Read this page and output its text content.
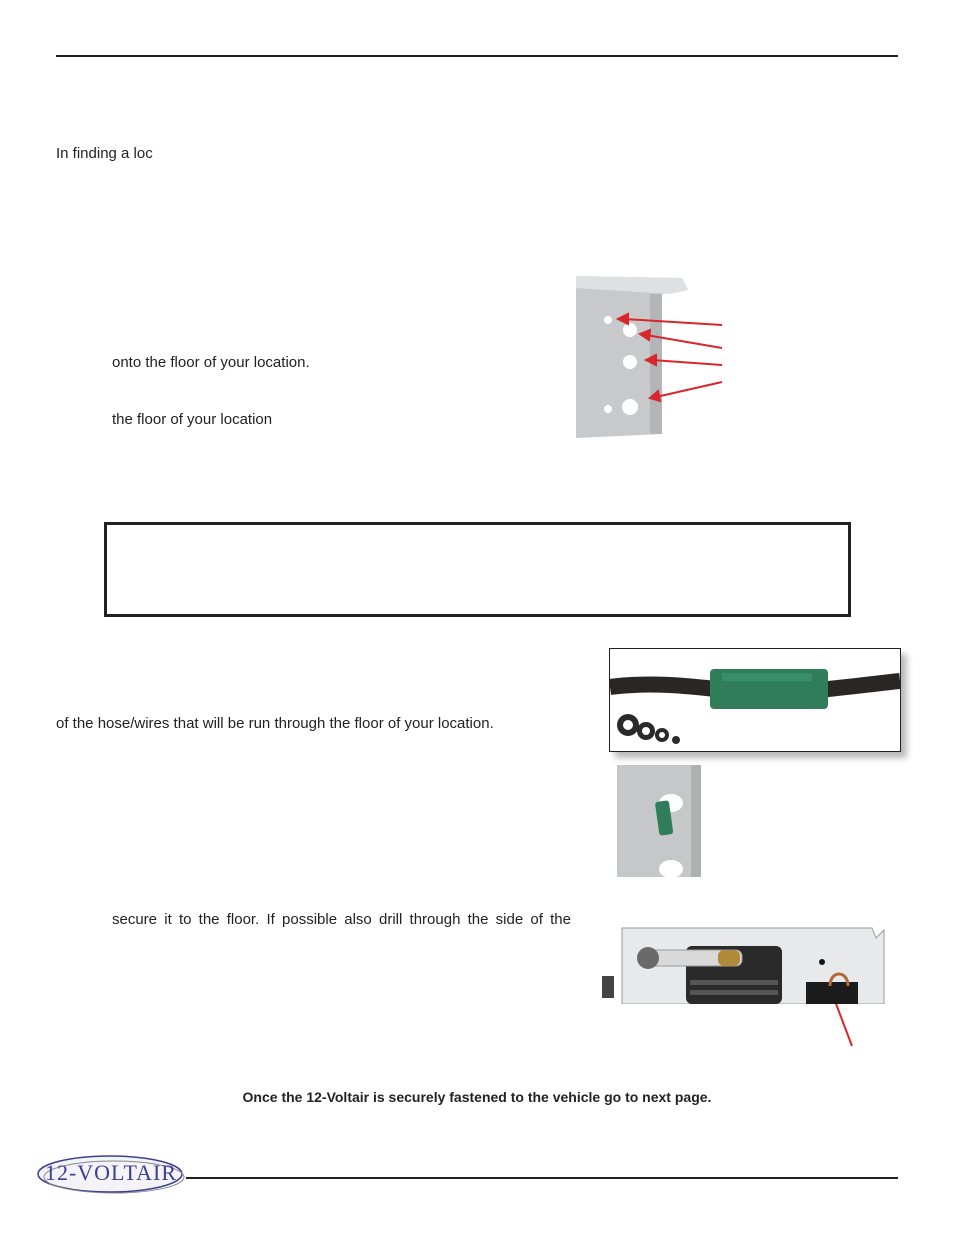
In finding a loc
onto the floor of your location.
the floor of your location
of the hose/wires that will be run through the floor of your location.
secure it to the floor. If possible also drill through the side of the
Once the 12-Voltair is securely fastened to the vehicle go to next page.
12-VOLTAIR
